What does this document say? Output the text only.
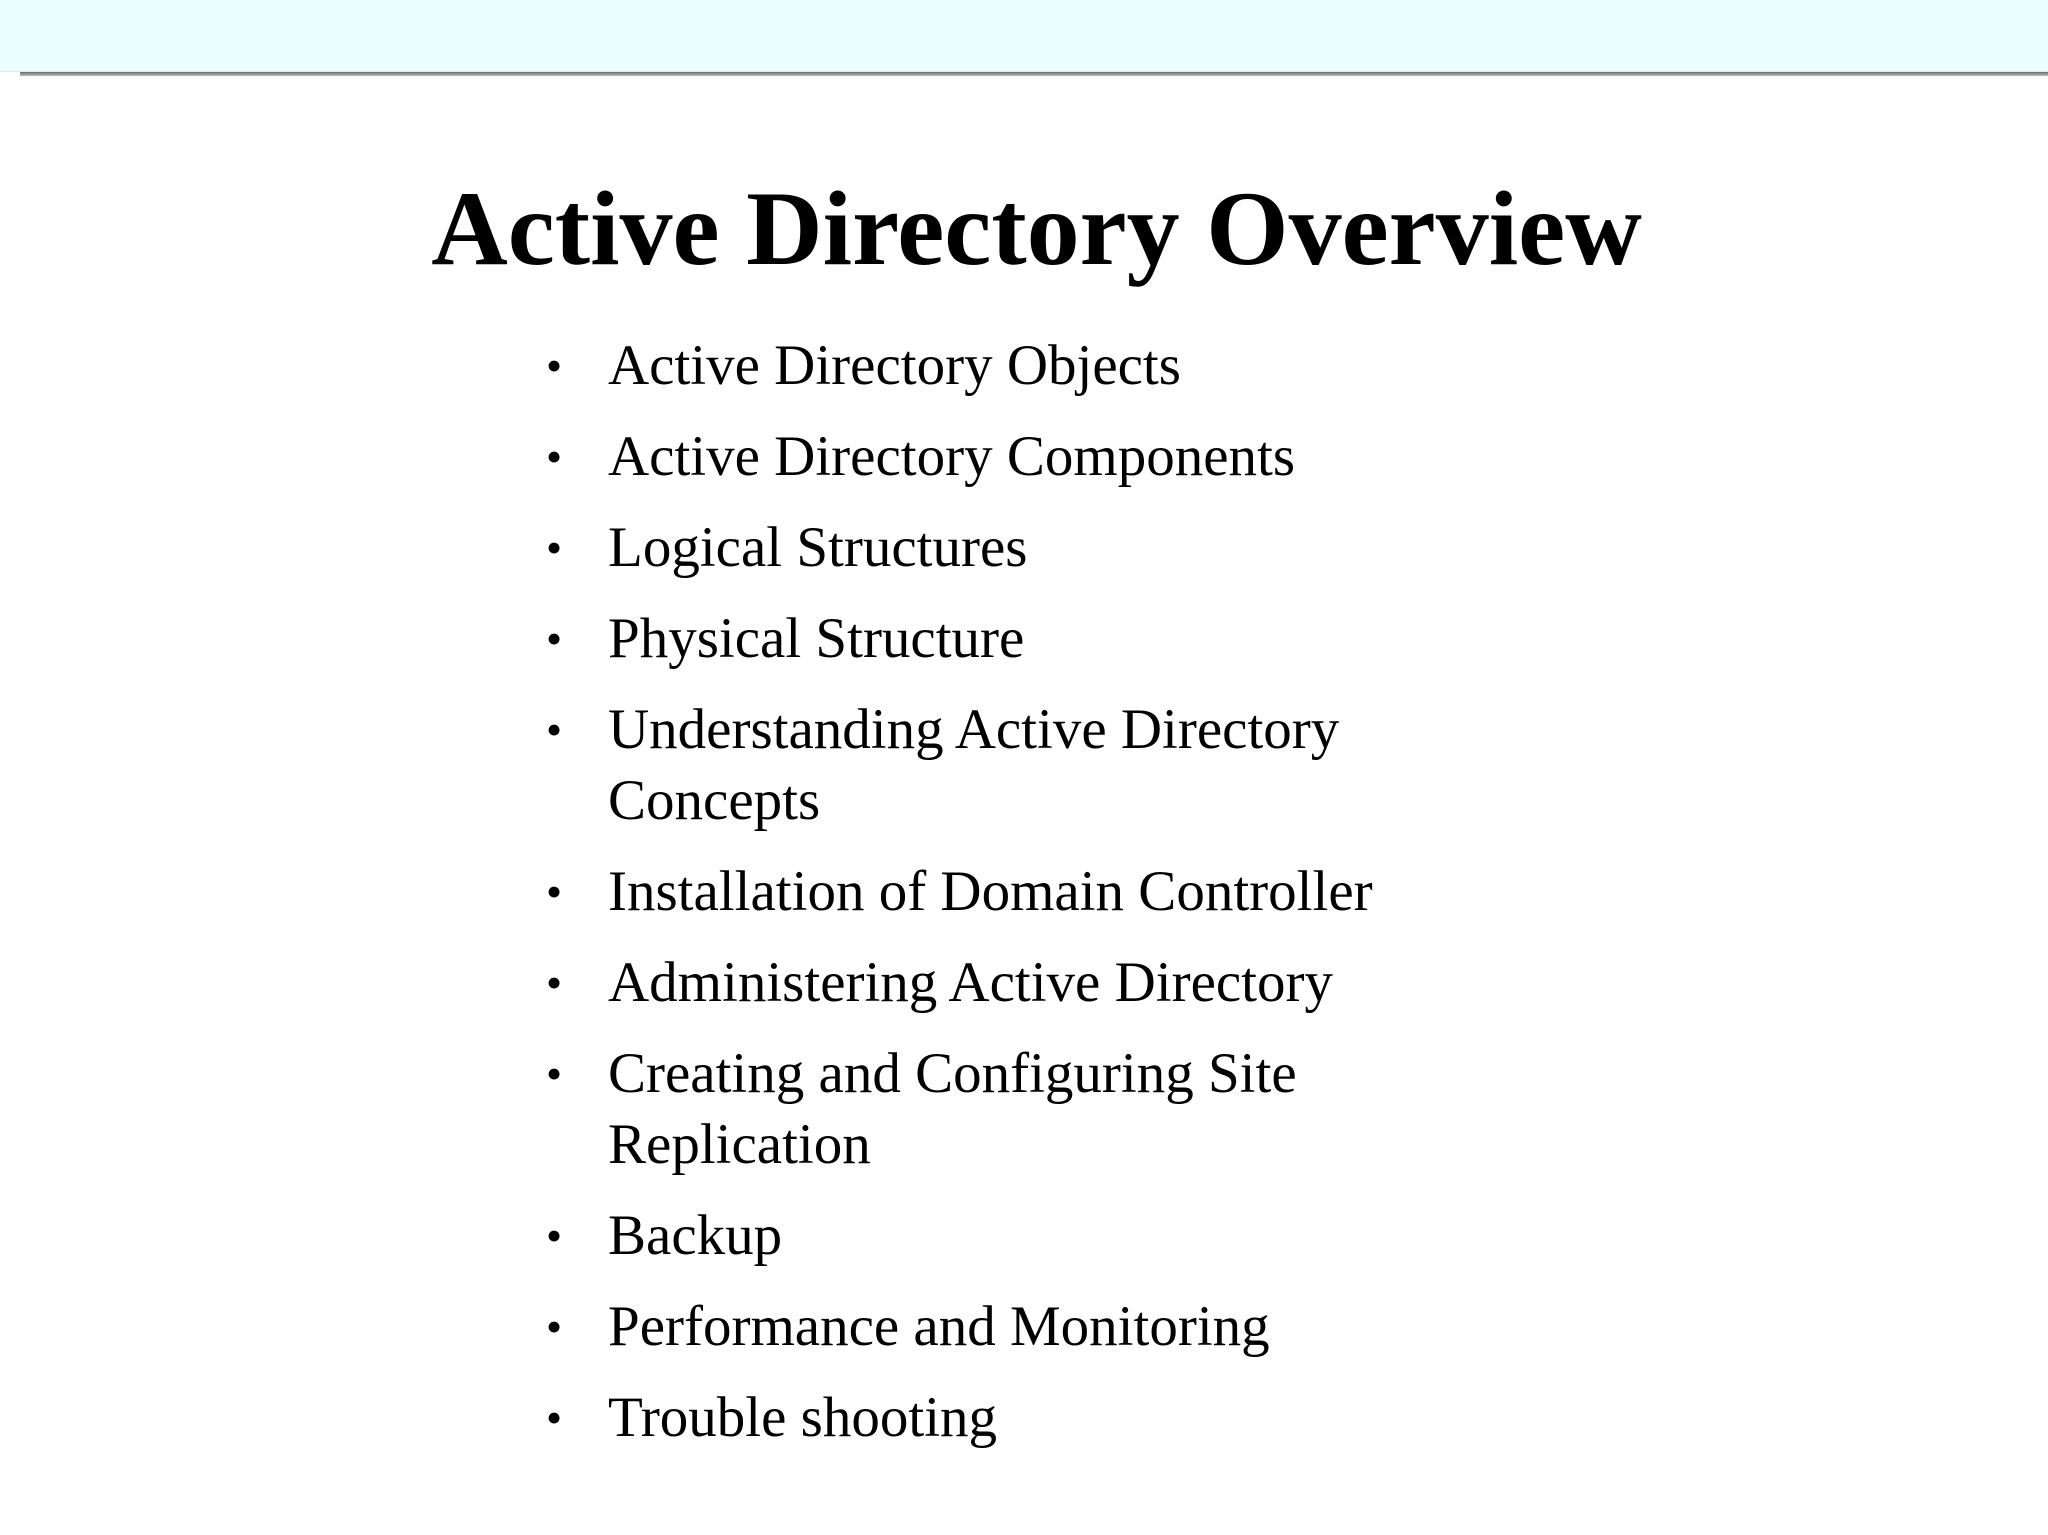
Active Directory Overview
• Active Directory Objects
• Active Directory Components
• Logical Structures
• Physical Structure
• Understanding Active Directory Concepts
• Installation of Domain Controller
• Administering Active Directory
• Creating and Configuring Site Replication
• Backup
• Performance and Monitoring
• Trouble shooting
